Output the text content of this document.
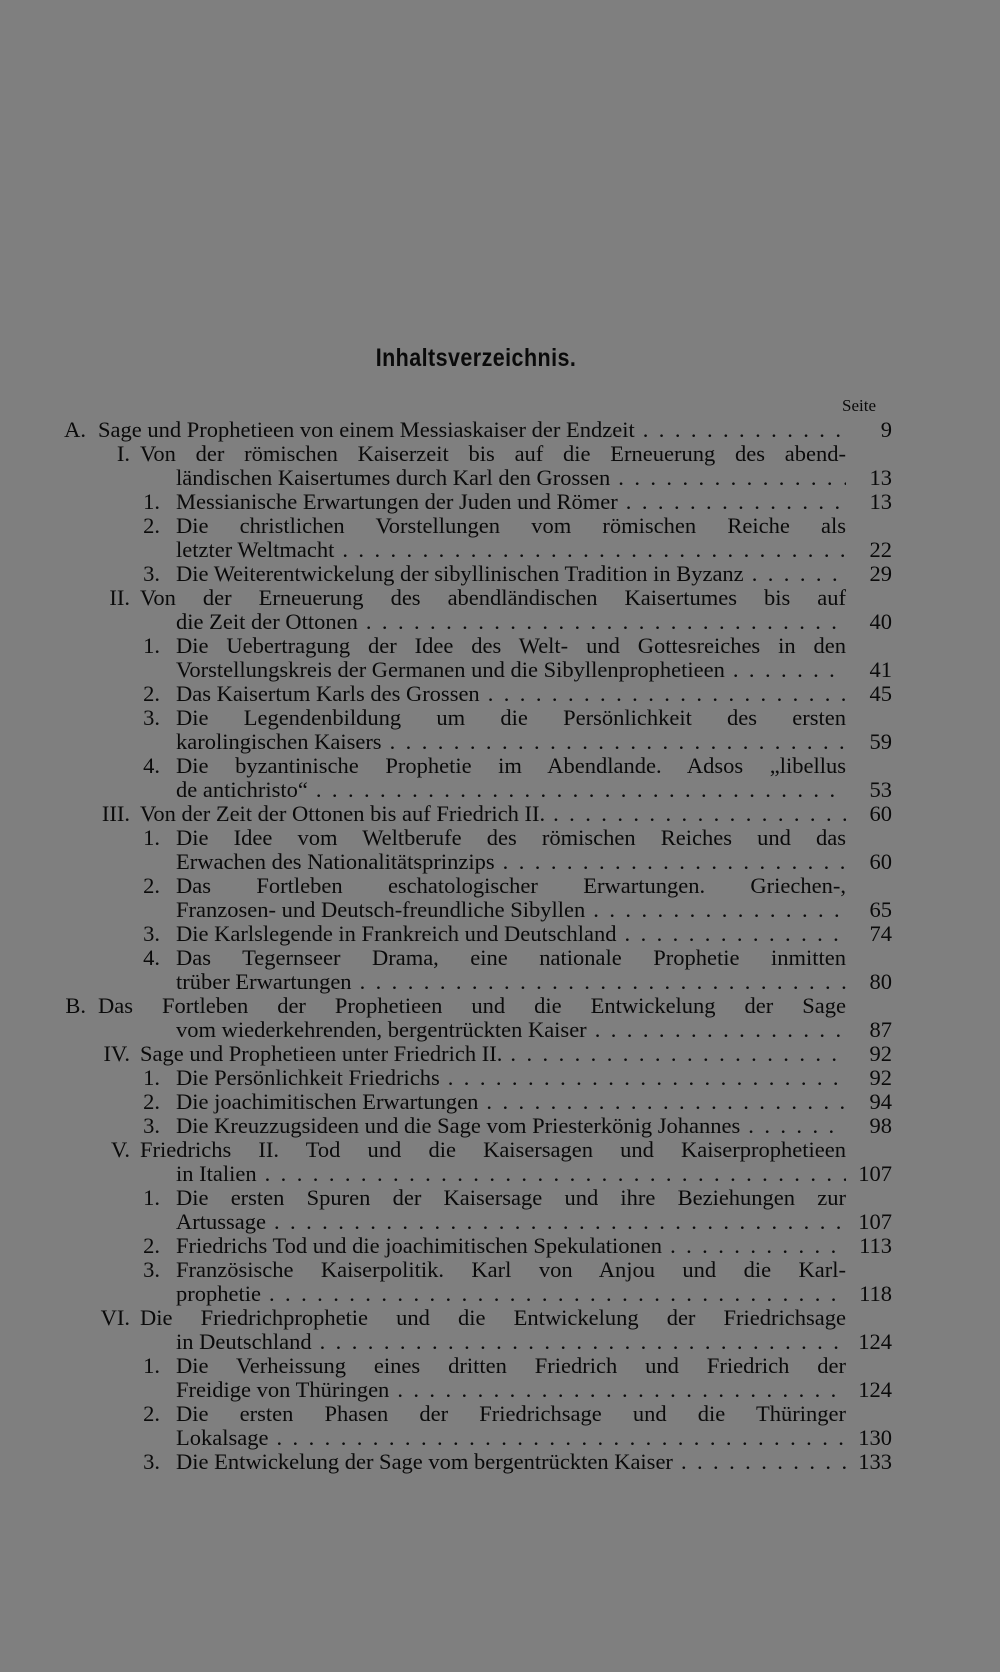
Inhaltsverzeichnis.
Seite
A. Sage und Prophetieen von einem Messiaskaiser der Endzeit . . .	9
I. Von der römischen Kaiserzeit bis auf die Erneuerung des abend-
ländischen Kaisertumes durch Karl den Grossen . . .	13
1. Messianische Erwartungen der Juden und Römer . . .	13
2. Die christlichen Vorstellungen vom römischen Reiche als
letzter Weltmacht . . .	22
3. Die Weiterentwickelung der sibyllinischen Tradition in Byzanz . . .	29
II. Von der Erneuerung des abendländischen Kaisertumes bis auf
die Zeit der Ottonen . . .	40
1. Die Uebertragung der Idee des Welt- und Gottesreiches in den
Vorstellungskreis der Germanen und die Sibyllenprophetieen . . .	41
2. Das Kaisertum Karls des Grossen . . .	45
3. Die Legendenbildung um die Persönlichkeit des ersten
karolingischen Kaisers . . .	59
4. Die byzantinische Prophetie im Abendlande. Adsos „libellus
de antichristo“ . . .	53
III. Von der Zeit der Ottonen bis auf Friedrich II. . . .	60
1. Die Idee vom Weltberufe des römischen Reiches und das
Erwachen des Nationalitätsprinzips . . .	60
2. Das Fortleben eschatologischer Erwartungen. Griechen-,
Franzosen- und Deutsch-freundliche Sibyllen . . .	65
3. Die Karlslegende in Frankreich und Deutschland . . .	74
4. Das Tegernseer Drama, eine nationale Prophetie inmitten
trüber Erwartungen . . .	80
B. Das Fortleben der Prophetieen und die Entwickelung der Sage
vom wiederkehrenden, bergentrückten Kaiser . . .	87
IV. Sage und Prophetieen unter Friedrich II. . . .	92
1. Die Persönlichkeit Friedrichs . . .	92
2. Die joachimitischen Erwartungen . . .	94
3. Die Kreuzzugsideen und die Sage vom Priesterkönig Johannes . . .	98
V. Friedrichs II. Tod und die Kaisersagen und Kaiserprophetieen
in Italien . . .	107
1. Die ersten Spuren der Kaisersage und ihre Beziehungen zur
Artussage . . .	107
2. Friedrichs Tod und die joachimitischen Spekulationen . . .	113
3. Französische Kaiserpolitik. Karl von Anjou und die Karl-
prophetie . . .	118
VI. Die Friedrichprophetie und die Entwickelung der Friedrichsage
in Deutschland . . .	124
1. Die Verheissung eines dritten Friedrich und Friedrich der
Freidige von Thüringen . . .	124
2. Die ersten Phasen der Friedrichsage und die Thüringer
Lokalsage . . .	130
3. Die Entwickelung der Sage vom bergentrückten Kaiser . . .	133
